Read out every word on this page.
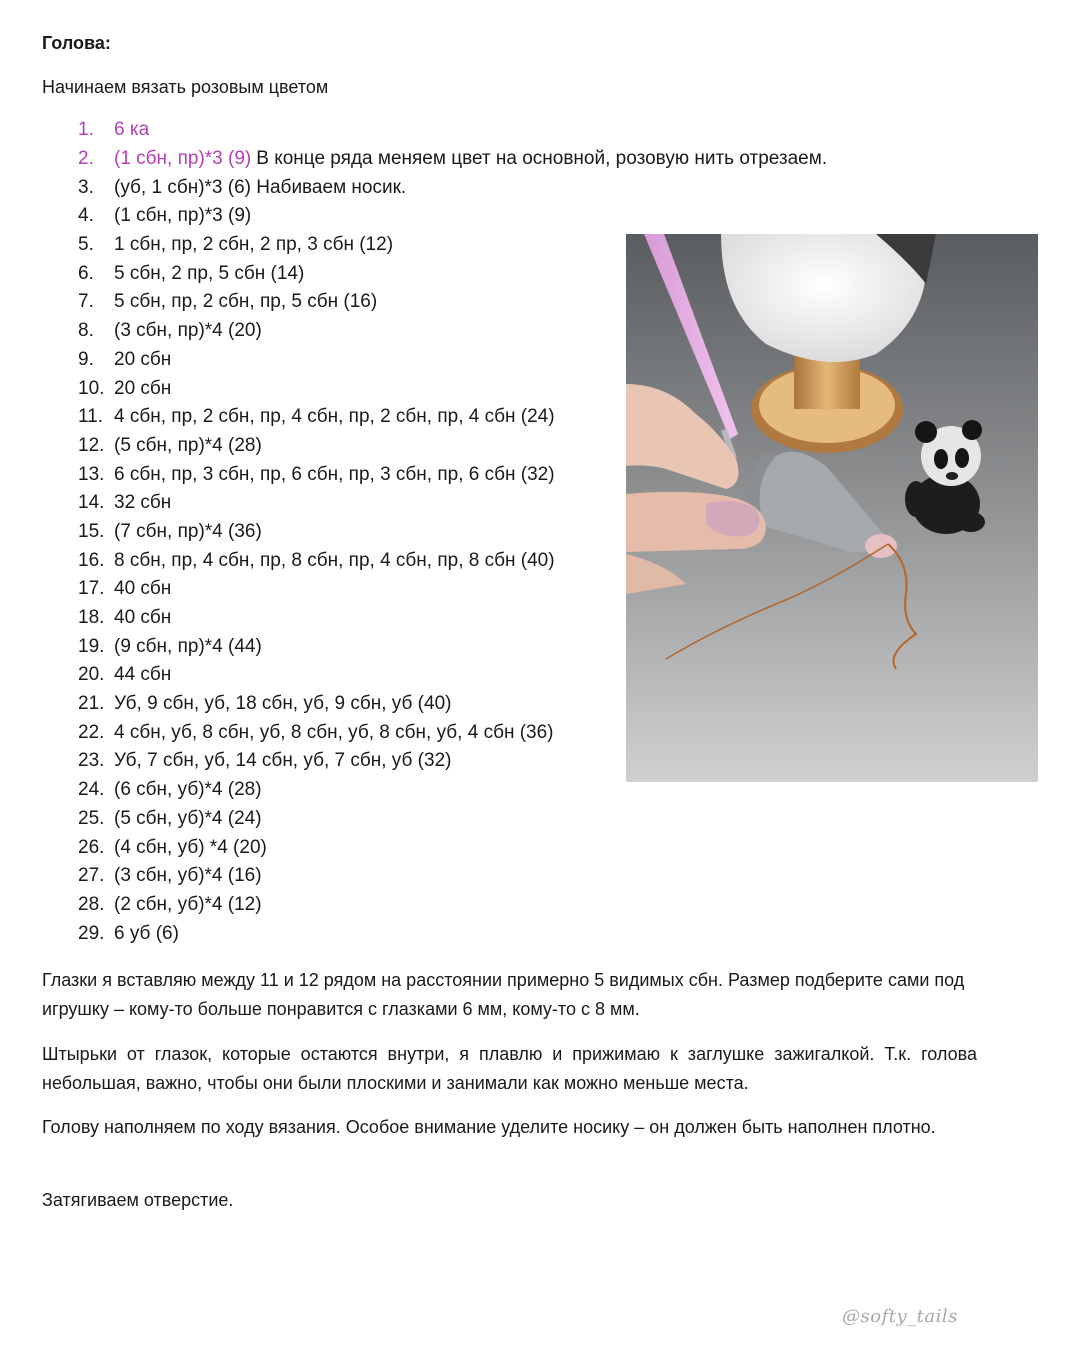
Голова:
Начинаем вязать розовым цветом
1.	6 ка
2.	(1 сбн, пр)*3 (9) В конце ряда меняем цвет на основной, розовую нить отрезаем.
3.	(уб, 1 сбн)*3 (6) Набиваем носик.
4.	(1 сбн, пр)*3 (9)
5.	1 сбн, пр, 2 сбн, 2 пр, 3 сбн (12)
6.	5 сбн, 2 пр, 5 сбн (14)
7.	5 сбн, пр, 2 сбн, пр, 5 сбн (16)
8.	(3 сбн, пр)*4 (20)
9.	20 сбн
10. 20 сбн
11. 4 сбн, пр, 2 сбн, пр, 4 сбн, пр, 2 сбн, пр, 4 сбн (24)
12. (5 сбн, пр)*4 (28)
13. 6 сбн, пр, 3 сбн, пр, 6 сбн, пр, 3 сбн, пр, 6 сбн (32)
14. 32 сбн
15. (7 сбн, пр)*4 (36)
16. 8 сбн, пр, 4 сбн, пр, 8 сбн, пр, 4 сбн, пр, 8 сбн (40)
17. 40 сбн
18. 40 сбн
19. (9 сбн, пр)*4 (44)
20. 44 сбн
21. Уб, 9 сбн, уб, 18 сбн, уб, 9 сбн, уб (40)
22. 4 сбн, уб, 8 сбн, уб, 8 сбн, уб, 8 сбн, уб, 4 сбн (36)
23. Уб, 7 сбн, уб, 14 сбн, уб, 7 сбн, уб (32)
24. (6 сбн, уб)*4 (28)
25. (5 сбн, уб)*4 (24)
26. (4 сбн, уб) *4 (20)
27. (3 сбн, уб)*4 (16)
28. (2 сбн, уб)*4 (12)
29. 6 уб (6)

Глазки я вставляю между 11 и 12 рядом на расстоянии примерно 5 видимых сбн. Размер подберите сами под игрушку – кому-то больше понравится с глазками 6 мм, кому-то с 8 мм.

Штырьки от глазок, которые остаются внутри, я плавлю и прижимаю к заглушке зажигалкой. Т.к. голова небольшая, важно, чтобы они были плоскими и занимали как можно меньше места.

Голову наполняем по ходу вязания. Особое внимание уделите носику – он должен быть наполнен плотно.

Затягиваем отверстие.

@softy_tails
